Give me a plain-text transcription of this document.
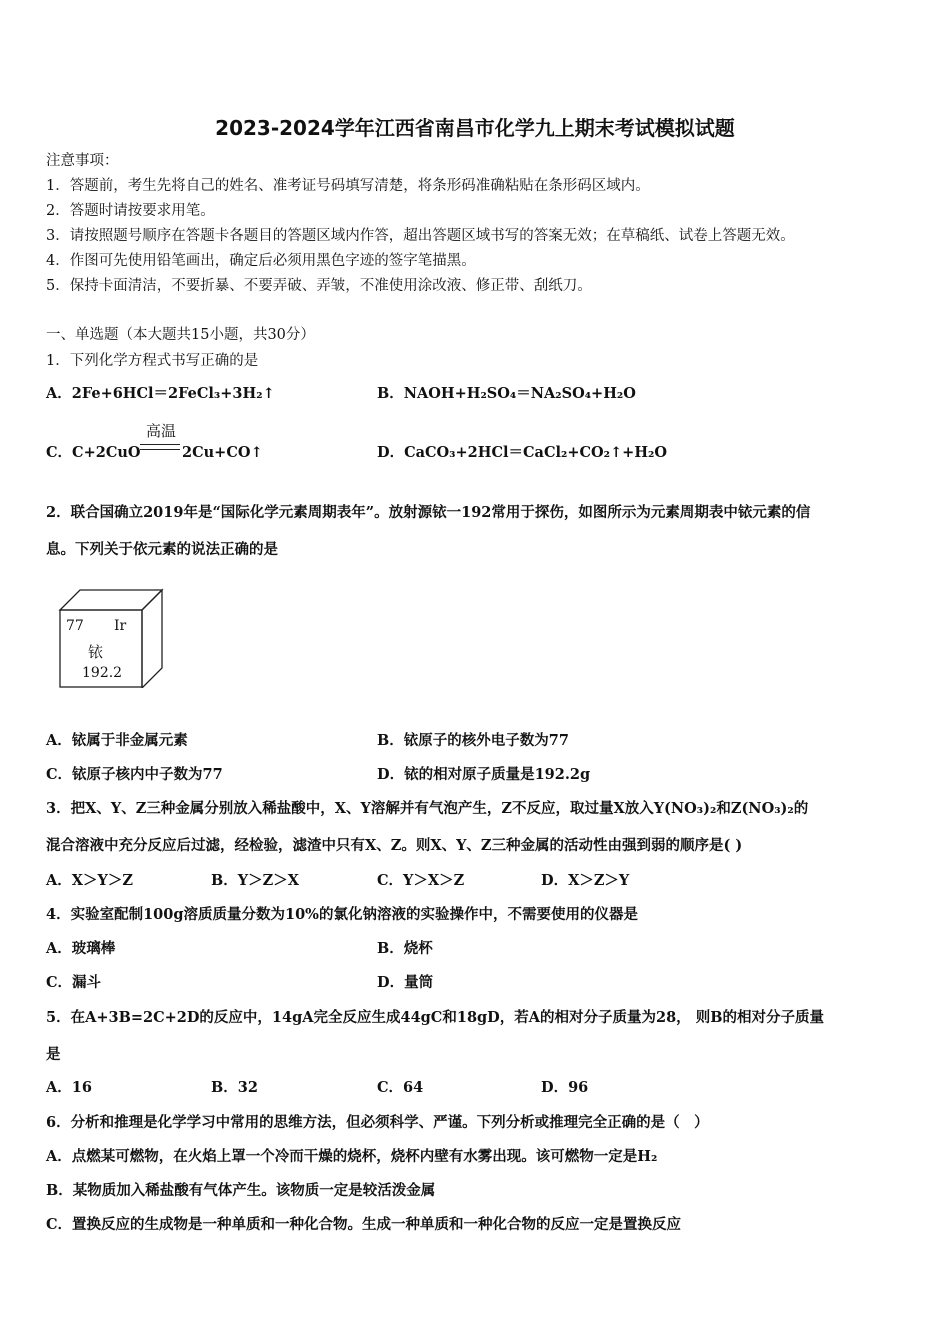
2023-2024学年江西省南昌市化学九上期末考试模拟试题
注意事项：
1．答题前，考生先将自己的姓名、准考证号码填写清楚，将条形码准确粘贴在条形码区域内。
2．答题时请按要求用笔。
3．请按照题号顺序在答题卡各题目的答题区域内作答，超出答题区域书写的答案无效；在草稿纸、试卷上答题无效。
4．作图可先使用铅笔画出，确定后必须用黑色字迹的签字笔描黑。
5．保持卡面清洁，不要折暴、不要弄破、弄皱，不准使用涂改液、修正带、刮纸刀。
一、单选题（本大题共15小题，共30分）
1．下列化学方程式书写正确的是
A．2Fe+6HCl＝2FeCl₃+3H₂↑	B．NAOH+H₂SO₄＝NA₂SO₄+H₂O
C．C+2CuO
高温
2Cu+CO↑	D．CaCO₃+2HCl＝CaCl₂+CO₂↑+H₂O
2．联合国确立2019年是“国际化学元素周期表年”。放射源铱一192常用于探伤，如图所示为元素周期表中铱元素的信
息。下列关于依元素的说法正确的是
77 Ir
铱
192.2
A．铱属于非金属元素	B．铱原子的核外电子数为77
C．铱原子核内中子数为77	D．铱的相对原子质量是192.2g
3．把X、Y、Z三种金属分别放入稀盐酸中，X、Y溶解并有气泡产生，Z不反应，取过量X放入Y(NO₃)₂和Z(NO₃)₂的
混合溶液中充分反应后过滤，经检验，滤渣中只有X、Z。则X、Y、Z三种金属的活动性由强到弱的顺序是( )
A．X＞Y＞Z	B．Y＞Z＞X	C．Y＞X＞Z	D．X＞Z＞Y
4．实验室配制100g溶质质量分数为10%的氯化钠溶液的实验操作中，不需要使用的仪器是
A．玻璃棒	B．烧杯
C．漏斗	D．量筒
5．在A+3B=2C+2D的反应中，14gA完全反应生成44gC和18gD，若A的相对分子质量为28， 则B的相对分子质量
是
A．16	B．32	C．64	D．96
6．分析和推理是化学学习中常用的思维方法，但必须科学、严谨。下列分析或推理完全正确的是（　）
A．点燃某可燃物，在火焰上罩一个冷而干燥的烧杯，烧杯内壁有水雾出现。该可燃物一定是H₂
B．某物质加入稀盐酸有气体产生。该物质一定是较活泼金属
C．置换反应的生成物是一种单质和一种化合物。生成一种单质和一种化合物的反应一定是置换反应
